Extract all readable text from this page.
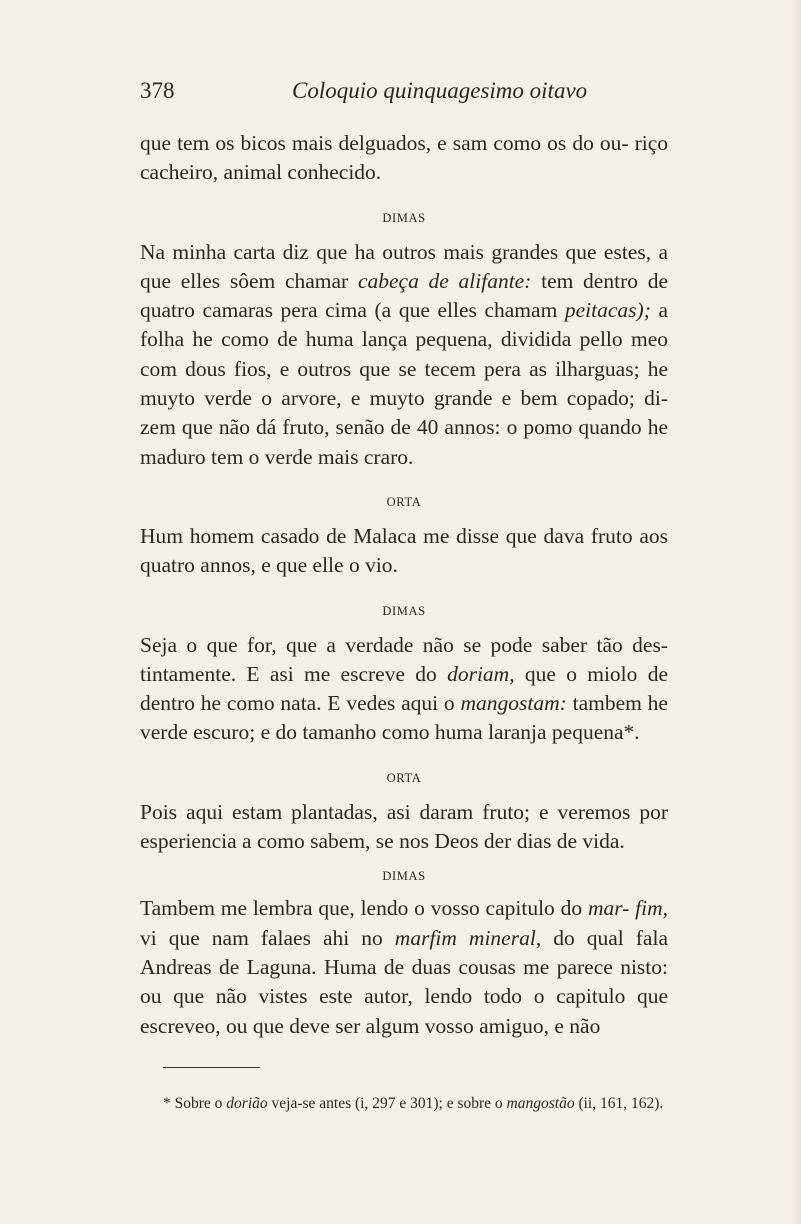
378	Coloquio quinquagesimo oitavo

que tem os bicos mais delguados, e sam como os do ou- riço cacheiro, animal conhecido.

DIMAS

Na minha carta diz que ha outros mais grandes que estes, a que elles sôem chamar cabeça de alifante: tem dentro de quatro camaras pera cima (a que elles chamam peitacas); a folha he como de huma lança pequena, dividida pello meo com dous fios, e outros que se tecem pera as ilharguas; he muyto verde o arvore, e muyto grande e bem copado; di- zem que não dá fruto, senão de 40 annos: o pomo quando he maduro tem o verde mais craro.

ORTA

Hum homem casado de Malaca me disse que dava fruto aos quatro annos, e que elle o vio.

DIMAS

Seja o que for, que a verdade não se pode saber tão des- tintamente. E asi me escreve do doriam, que o miolo de dentro he como nata. E vedes aqui o mangostam: tambem he verde escuro; e do tamanho como huma laranja pequena*.

ORTA

Pois aqui estam plantadas, asi daram fruto; e veremos por esperiencia a como sabem, se nos Deos der dias de vida.

DIMAS

Tambem me lembra que, lendo o vosso capitulo do mar- fim, vi que nam falaes ahi no marfim mineral, do qual fala Andreas de Laguna. Huma de duas cousas me parece nisto: ou que não vistes este autor, lendo todo o capitulo que escreveo, ou que deve ser algum vosso amiguo, e não

* Sobre o dorião veja-se antes (i, 297 e 301); e sobre o mangostão (ii, 161, 162).
